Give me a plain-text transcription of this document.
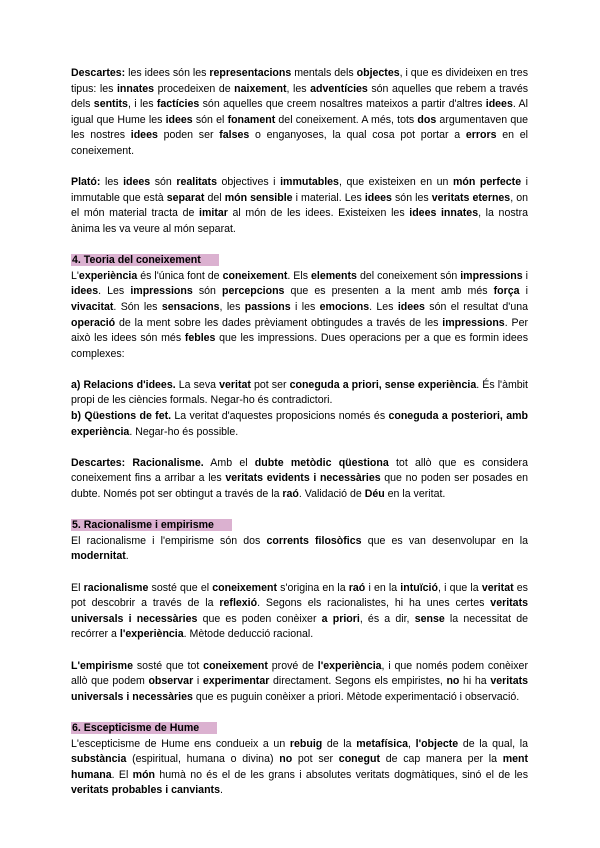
Descartes: les idees són les representacions mentals dels objectes, i que es divideixen en tres tipus: les innates procedeixen de naixement, les adventícies són aquelles que rebem a través dels sentits, i les factícies són aquelles que creem nosaltres mateixos a partir d'altres idees. Al igual que Hume les idees són el fonament del coneixement. A més, tots dos argumentaven que les nostres idees poden ser falses o enganyoses, la qual cosa pot portar a errors en el coneixement.

Plató: les idees són realitats objectives i immutables, que existeixen en un món perfecte i immutable que està separat del món sensible i material. Les idees són les veritats eternes, on el món material tracta de imitar al món de les idees. Existeixen les idees innates, la nostra ànima les va veure al món separat.

4. Teoria del coneixement

L'experiència és l'única font de coneixement. Els elements del coneixement són impressions i idees. Les impressions són percepcions que es presenten a la ment amb més força i vivacitat. Són les sensacions, les passions i les emocions. Les idees són el resultat d'una operació de la ment sobre les dades prèviament obtingudes a través de les impressions. Per això les idees són més febles que les impressions. Dues operacions per a que es formin idees complexes:

a) Relacions d'idees. La seva veritat pot ser coneguda a priori, sense experiència. És l'àmbit propi de les ciències formals. Negar-ho és contradictori.

b) Qüestions de fet. La veritat d'aquestes proposicions només és coneguda a posteriori, amb experiència. Negar-ho és possible.

Descartes: Racionalisme. Amb el dubte metòdic qüestiona tot allò que es considera coneixement fins a arribar a les veritats evidents i necessàries que no poden ser posades en dubte. Només pot ser obtingut a través de la raó. Validació de Déu en la veritat.

5. Racionalisme i empirisme

El racionalisme i l'empirisme són dos corrents filosòfics que es van desenvolupar en la modernitat.

El racionalisme sosté que el coneixement s'origina en la raó i en la intuïció, i que la veritat es pot descobrir a través de la reflexió. Segons els racionalistes, hi ha unes certes veritats universals i necessàries que es poden conèixer a priori, és a dir, sense la necessitat de recórrer a l'experiència. Mètode deducció racional.

L'empirisme sosté que tot coneixement prové de l'experiència, i que només podem conèixer allò que podem observar i experimentar directament. Segons els empiristes, no hi ha veritats universals i necessàries que es puguin conèixer a priori. Mètode experimentació i observació.

6. Escepticisme de Hume

L'escepticisme de Hume ens condueix a un rebuig de la metafísica, l'objecte de la qual, la substància (espiritual, humana o divina) no pot ser conegut de cap manera per la ment humana. El món humà no és el de les grans i absolutes veritats dogmàtiques, sinó el de les veritats probables i canviants.
